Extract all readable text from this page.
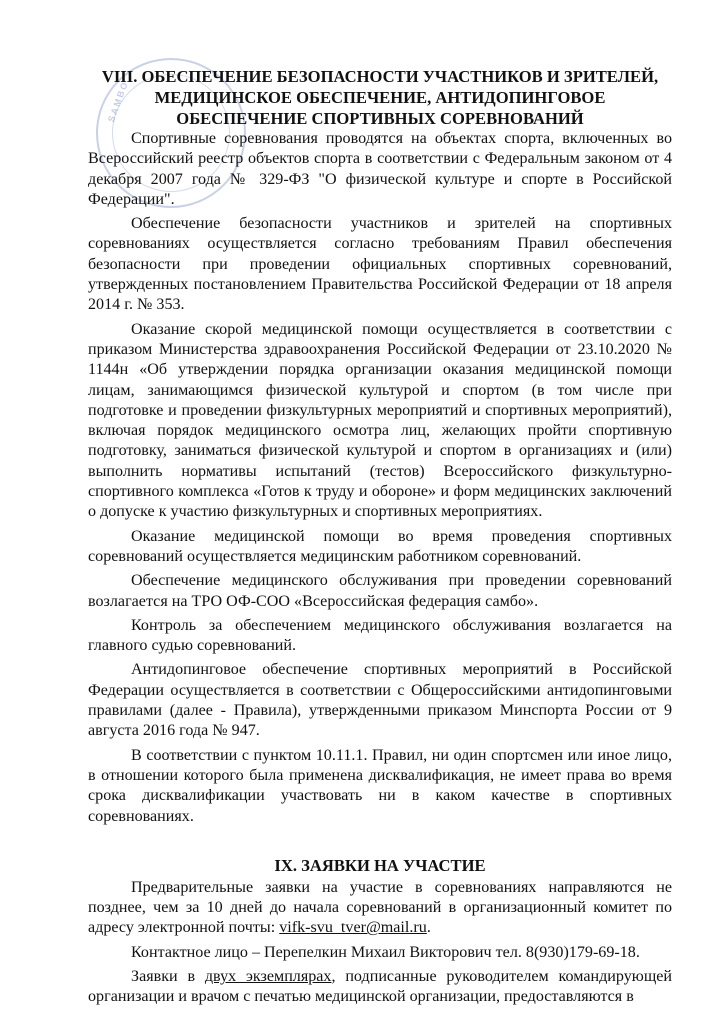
SAMBO
VIII. ОБЕСПЕЧЕНИЕ БЕЗОПАСНОСТИ УЧАСТНИКОВ И ЗРИТЕЛЕЙ,
МЕДИЦИНСКОЕ ОБЕСПЕЧЕНИЕ, АНТИДОПИНГОВОЕ
ОБЕСПЕЧЕНИЕ СПОРТИВНЫХ СОРЕВНОВАНИЙ

Спортивные соревнования проводятся на объектах спорта, включенных во Всероссийский реестр объектов спорта в соответствии с Федеральным законом от 4 декабря 2007 года № 329-ФЗ "О физической культуре и спорте в Российской Федерации".

Обеспечение безопасности участников и зрителей на спортивных соревнованиях осуществляется согласно требованиям Правил обеспечения безопасности при проведении официальных спортивных соревнований, утвержденных постановлением Правительства Российской Федерации от 18 апреля 2014 г. № 353.

Оказание скорой медицинской помощи осуществляется в соответствии с приказом Министерства здравоохранения Российской Федерации от 23.10.2020 № 1144н «Об утверждении порядка организации оказания медицинской помощи лицам, занимающимся физической культурой и спортом (в том числе при подготовке и проведении физкультурных мероприятий и спортивных мероприятий), включая порядок медицинского осмотра лиц, желающих пройти спортивную подготовку, заниматься физической культурой и спортом в организациях и (или) выполнить нормативы испытаний (тестов) Всероссийского физкультурно-спортивного комплекса «Готов к труду и обороне» и форм медицинских заключений о допуске к участию физкультурных и спортивных мероприятиях.

Оказание медицинской помощи во время проведения спортивных соревнований осуществляется медицинским работником соревнований.

Обеспечение медицинского обслуживания при проведении соревнований возлагается на ТРО ОФ-СОО «Всероссийская федерация самбо».

Контроль за обеспечением медицинского обслуживания возлагается на главного судью соревнований.

Антидопинговое обеспечение спортивных мероприятий в Российской Федерации осуществляется в соответствии с Общероссийскими антидопинговыми правилами (далее - Правила), утвержденными приказом Минспорта России от 9 августа 2016 года № 947.

В соответствии с пунктом 10.11.1. Правил, ни один спортсмен или иное лицо, в отношении которого была применена дисквалификация, не имеет права во время срока дисквалификации участвовать ни в каком качестве в спортивных соревнованиях.

IX. ЗАЯВКИ НА УЧАСТИЕ

Предварительные заявки на участие в соревнованиях направляются не позднее, чем за 10 дней до начала соревнований в организационный комитет по адресу электронной почты: vifk-svu_tver@mail.ru.

Контактное лицо – Перепелкин Михаил Викторович тел. 8(930)179-69-18.

Заявки в двух экземплярах, подписанные руководителем командирующей организации и врачом с печатью медицинской организации, предоставляются в
